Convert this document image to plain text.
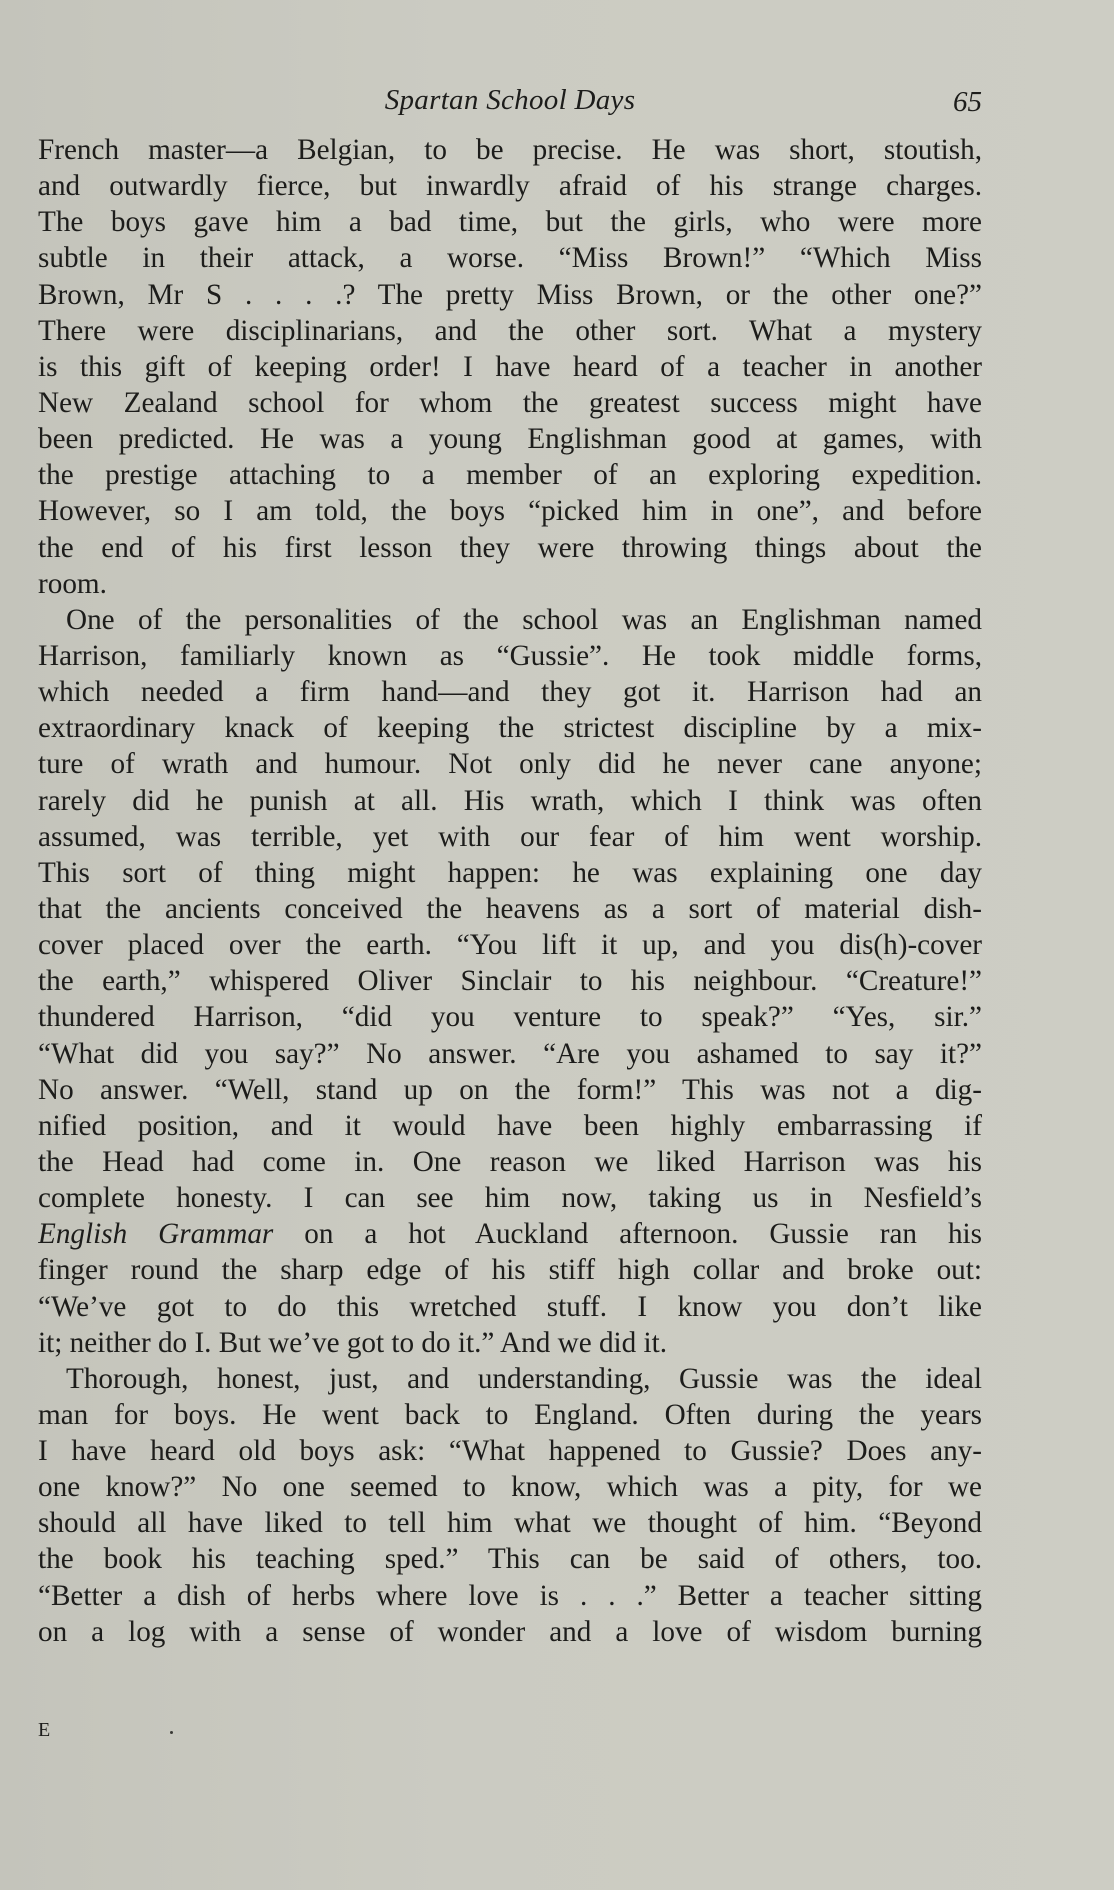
Spartan School Days	65
French master—a Belgian, to be precise. He was short, stoutish,
and outwardly fierce, but inwardly afraid of his strange charges.
The boys gave him a bad time, but the girls, who were more
subtle in their attack, a worse. “Miss Brown!” “Which Miss
Brown, Mr S . . . .? The pretty Miss Brown, or the other one?”
There were disciplinarians, and the other sort. What a mystery
is this gift of keeping order! I have heard of a teacher in another
New Zealand school for whom the greatest success might have
been predicted. He was a young Englishman good at games, with
the prestige attaching to a member of an exploring expedition.
However, so I am told, the boys “picked him in one”, and before
the end of his first lesson they were throwing things about the
room.
One of the personalities of the school was an Englishman named
Harrison, familiarly known as “Gussie”. He took middle forms,
which needed a firm hand—and they got it. Harrison had an
extraordinary knack of keeping the strictest discipline by a mix-
ture of wrath and humour. Not only did he never cane anyone;
rarely did he punish at all. His wrath, which I think was often
assumed, was terrible, yet with our fear of him went worship.
This sort of thing might happen: he was explaining one day
that the ancients conceived the heavens as a sort of material dish-
cover placed over the earth. “You lift it up, and you dis(h)-cover
the earth,” whispered Oliver Sinclair to his neighbour. “Creature!”
thundered Harrison, “did you venture to speak?” “Yes, sir.”
“What did you say?” No answer. “Are you ashamed to say it?”
No answer. “Well, stand up on the form!” This was not a dig-
nified position, and it would have been highly embarrassing if
the Head had come in. One reason we liked Harrison was his
complete honesty. I can see him now, taking us in Nesfield’s
English Grammar on a hot Auckland afternoon. Gussie ran his
finger round the sharp edge of his stiff high collar and broke out:
“We’ve got to do this wretched stuff. I know you don’t like
it; neither do I. But we’ve got to do it.” And we did it.
Thorough, honest, just, and understanding, Gussie was the ideal
man for boys. He went back to England. Often during the years
I have heard old boys ask: “What happened to Gussie? Does any-
one know?” No one seemed to know, which was a pity, for we
should all have liked to tell him what we thought of him. “Beyond
the book his teaching sped.” This can be said of others, too.
“Better a dish of herbs where love is . . .” Better a teacher sitting
on a log with a sense of wonder and a love of wisdom burning
E
